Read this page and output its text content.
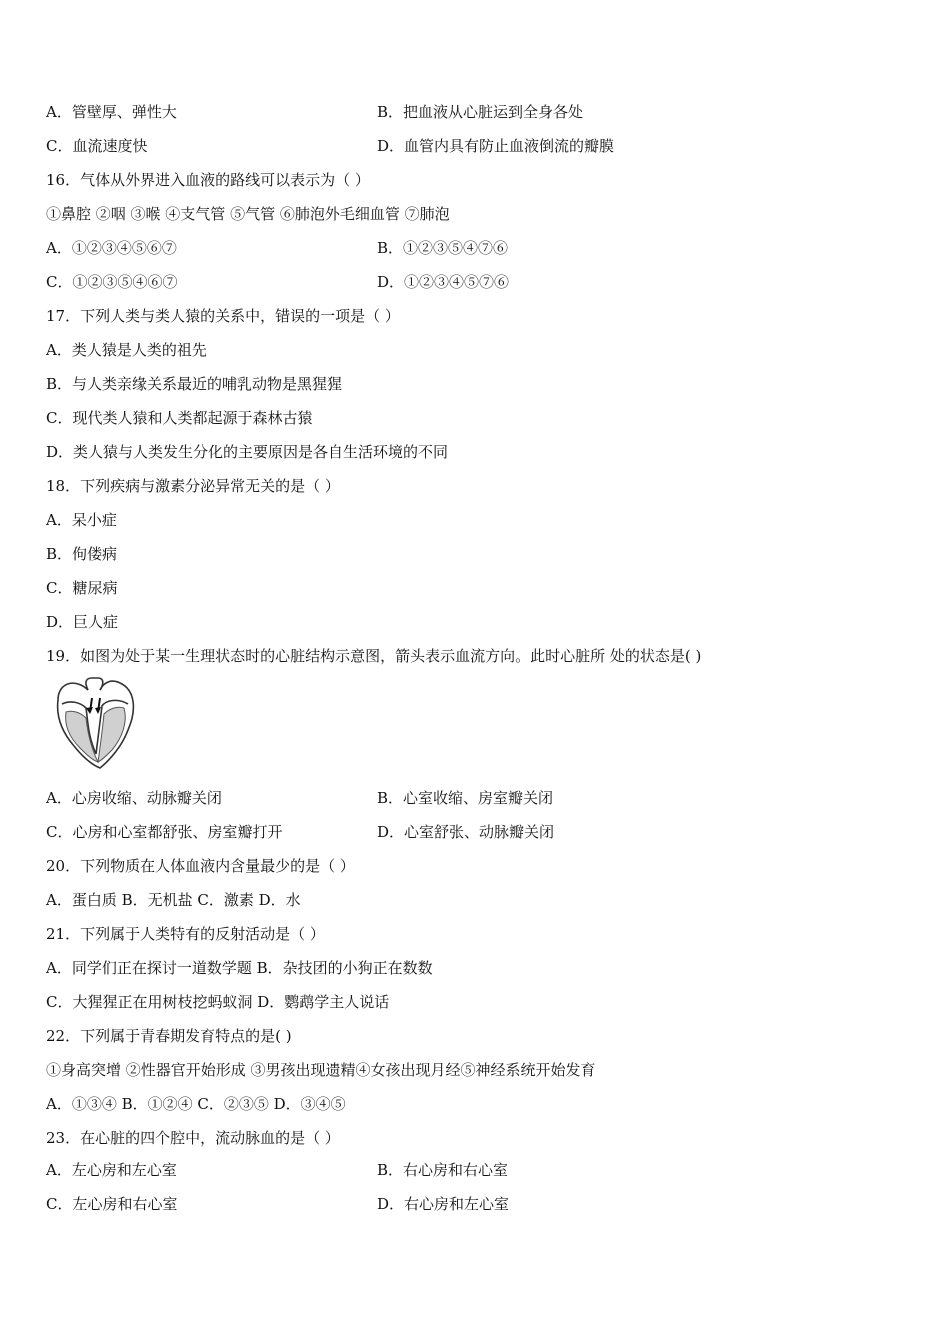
A．管壁厚、弹性大	B．把血液从心脏运到全身各处
C．血流速度快	D．血管内具有防止血液倒流的瓣膜
16．气体从外界进入血液的路线可以表示为（ ）
①鼻腔 ②咽 ③喉 ④支气管 ⑤气管 ⑥肺泡外毛细血管 ⑦肺泡
A．①②③④⑤⑥⑦	B．①②③⑤④⑦⑥
C．①②③⑤④⑥⑦	D．①②③④⑤⑦⑥
17．下列人类与类人猿的关系中，错误的一项是（ ）
A．类人猿是人类的祖先
B．与人类亲缘关系最近的哺乳动物是黑猩猩
C．现代类人猿和人类都起源于森林古猿
D．类人猿与人类发生分化的主要原因是各自生活环境的不同
18．下列疾病与激素分泌异常无关的是（ ）
A．呆小症
B．佝偻病
C．糖尿病
D．巨人症
19．如图为处于某一生理状态时的心脏结构示意图，箭头表示血流方向。此时心脏所 处的状态是( )
A．心房收缩、动脉瓣关闭	B．心室收缩、房室瓣关闭
C．心房和心室都舒张、房室瓣打开	D．心室舒张、动脉瓣关闭
20．下列物质在人体血液内含量最少的是（ ）
A．蛋白质 B．无机盐 C．激素 D．水
21．下列属于人类特有的反射活动是（ ）
A．同学们正在探讨一道数学题 B．杂技团的小狗正在数数
C．大猩猩正在用树枝挖蚂蚁洞 D．鹦鹉学主人说话
22．下列属于青春期发育特点的是( )
①身高突增 ②性器官开始形成 ③男孩出现遗精④女孩出现月经⑤神经系统开始发育
A．①③④ B．①②④ C．②③⑤ D．③④⑤
23．在心脏的四个腔中，流动脉血的是（ ）
A．左心房和左心室	B．右心房和右心室
C．左心房和右心室	D．右心房和左心室
